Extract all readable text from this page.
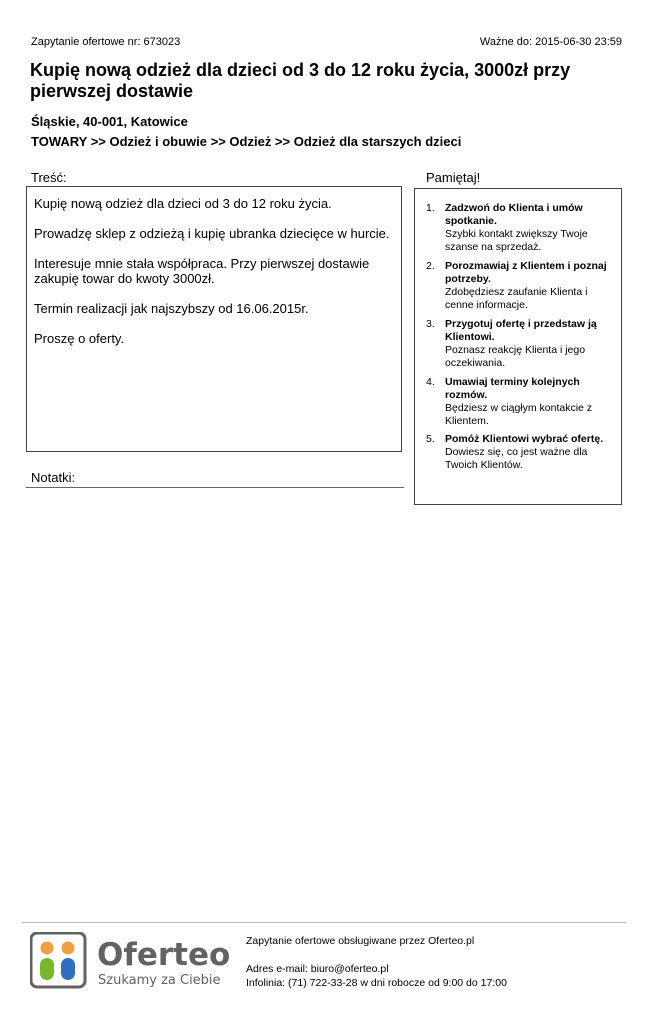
Zapytanie ofertowe nr: 673023	Ważne do: 2015-06-30 23:59
Kupię nową odzież dla dzieci od 3 do 12 roku życia, 3000zł przy pierwszej dostawie
Śląskie, 40-001, Katowice
TOWARY >> Odzież i obuwie >> Odzież >> Odzież dla starszych dzieci
Treść:

Kupię nową odzież dla dzieci od 3 do 12 roku życia.

Prowadzę sklep z odzieżą i kupię ubranka dziecięce w hurcie.

Interesuje mnie stała współpraca. Przy pierwszej dostawie zakupię towar do kwoty 3000zł.

Termin realizacji jak najszybszy od 16.06.2015r.

Proszę o oferty.

Notatki:
Pamiętaj!
1. Zadzwoń do Klienta i umów spotkanie.
Szybki kontakt zwiększy Twoje szanse na sprzedaż.
2. Porozmawiaj z Klientem i poznaj potrzeby.
Zdobędziesz zaufanie Klienta i cenne informacje.
3. Przygotuj ofertę i przedstaw ją Klientowi.
Poznasz reakcję Klienta i jego oczekiwania.
4. Umawiaj terminy kolejnych rozmów.
Będziesz w ciągłym kontakcie z Klientem.
5. Pomóż Klientowi wybrać ofertę.
Dowiesz się, co jest ważne dla Twoich Klientów.
Oferteo
Szukamy za Ciebie
Zapytanie ofertowe obsługiwane przez Oferteo.pl
Adres e-mail: biuro@oferteo.pl
Infolinia: (71) 722-33-28 w dni robocze od 9:00 do 17:00
